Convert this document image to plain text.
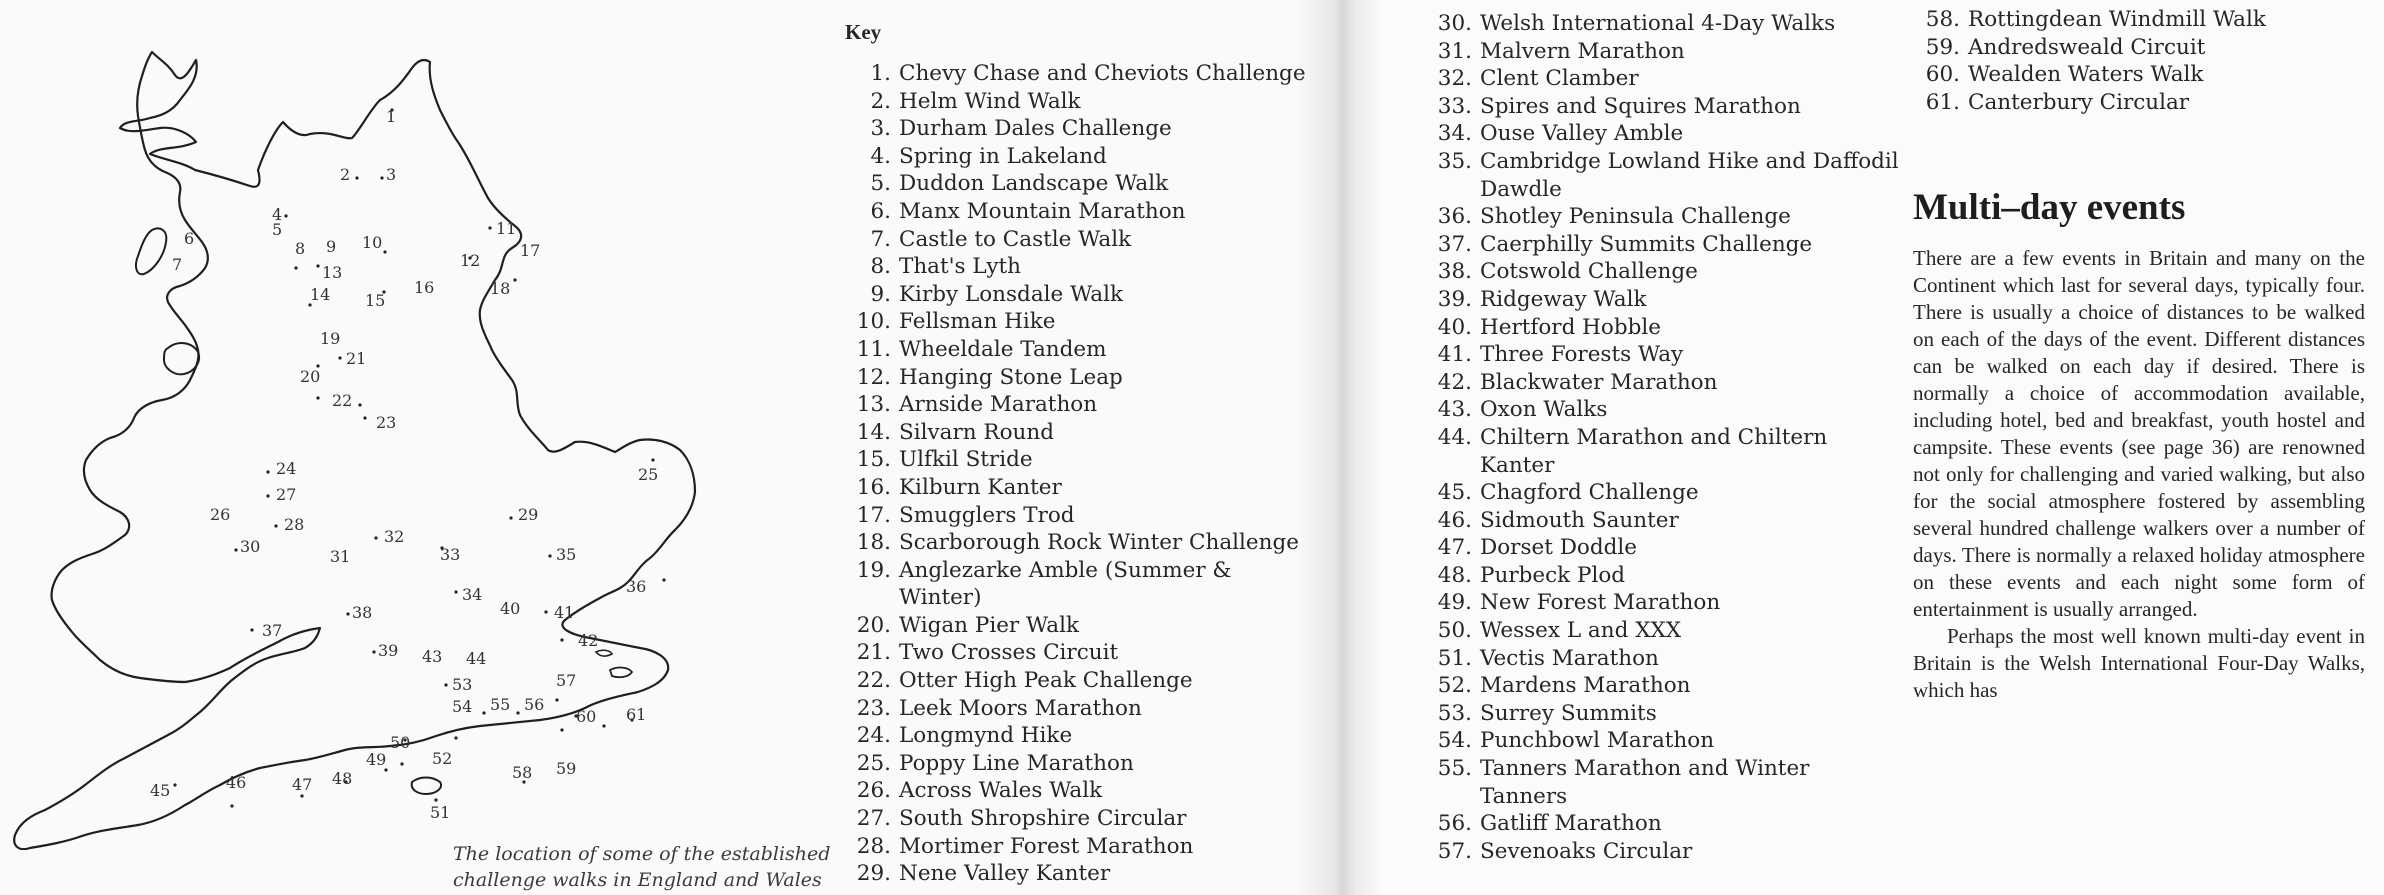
1
2 3
4
5
6
7
8 9 10
11
12
13
14 15
16
17
18
19
20
21
22
23
24	25
26
27
28
29
30
31
32
33
34
35
36
37
38
39
40 41
42
43 44
45	46	47 48
49
50
51
52
53
54 55 56
57
58 59
60 61
The location of some of the established
challenge walks in England and Wales
Key
1. Chevy Chase and Cheviots Challenge
2. Helm Wind Walk
3. Durham Dales Challenge
4. Spring in Lakeland
5. Duddon Landscape Walk
6. Manx Mountain Marathon
7. Castle to Castle Walk
8. That's Lyth
9. Kirby Lonsdale Walk
10. Fellsman Hike
11. Wheeldale Tandem
12. Hanging Stone Leap
13. Arnside Marathon
14. Silvarn Round
15. Ulfkil Stride
16. Kilburn Kanter
17. Smugglers Trod
18. Scarborough Rock Winter Challenge
19. Anglezarke Amble (Summer & Winter)
20. Wigan Pier Walk
21. Two Crosses Circuit
22. Otter High Peak Challenge
23. Leek Moors Marathon
24. Longmynd Hike
25. Poppy Line Marathon
26. Across Wales Walk
27. South Shropshire Circular
28. Mortimer Forest Marathon
29. Nene Valley Kanter
30. Welsh International 4-Day Walks
31. Malvern Marathon
32. Clent Clamber
33. Spires and Squires Marathon
34. Ouse Valley Amble
35. Cambridge Lowland Hike and Daffodil Dawdle
36. Shotley Peninsula Challenge
37. Caerphilly Summits Challenge
38. Cotswold Challenge
39. Ridgeway Walk
40. Hertford Hobble
41. Three Forests Way
42. Blackwater Marathon
43. Oxon Walks
44. Chiltern Marathon and Chiltern Kanter
45. Chagford Challenge
46. Sidmouth Saunter
47. Dorset Doddle
48. Purbeck Plod
49. New Forest Marathon
50. Wessex L and XXX
51. Vectis Marathon
52. Mardens Marathon
53. Surrey Summits
54. Punchbowl Marathon
55. Tanners Marathon and Winter Tanners
56. Gatliff Marathon
57. Sevenoaks Circular
58. Rottingdean Windmill Walk
59. Andredsweald Circuit
60. Wealden Waters Walk
61. Canterbury Circular
Multi–day events

There are a few events in Britain and many on the Continent which last for several days, typically four. There is usually a choice of distances to be walked on each of the days of the event. Different distances can be walked on each day if desired. There is normally a choice of accommodation available, including hotel, bed and breakfast, youth hostel and campsite. These events (see page 36) are renowned not only for challenging and varied walking, but also for the social atmosphere fostered by assembling several hundred challenge walkers over a number of days. There is normally a relaxed holiday atmosphere on these events and each night some form of entertainment is usually arranged.

Perhaps the most well known multi-day event in Britain is the Welsh International Four-Day Walks, which has
